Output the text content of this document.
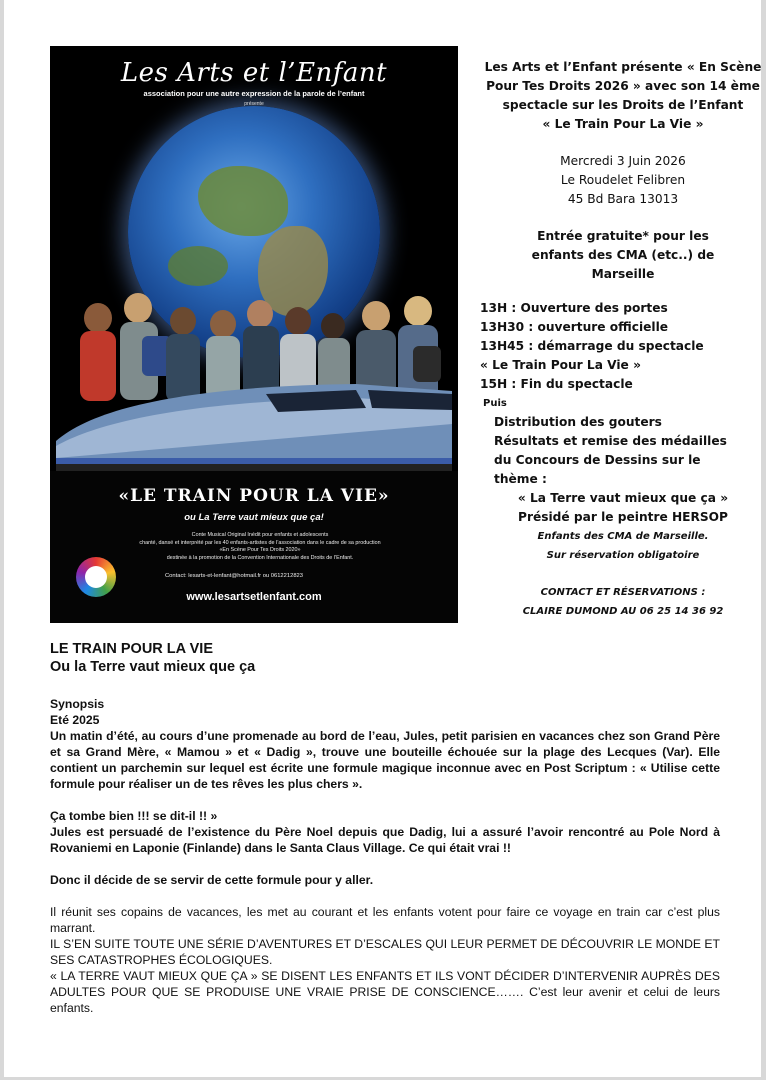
Les Arts et l’Enfant
association pour une autre expression de la parole de l’enfant
présente
«LE TRAIN POUR LA VIE»
ou La Terre vaut mieux que ça!
Conte Musical Original Inédit pour enfants et adolescents
chanté, dansé et interprété par les 40 enfants-artistes de l’association dans le cadre de sa production
«En Scène Pour Tes Droits 2020»
destinée à la promotion de la Convention Internationale des Droits de l’Enfant.
Contact: lesarts-et-lenfant@hotmail.fr ou 0612212823
www.lesartsetlenfant.com

Les Arts et l’Enfant présente « En Scène Pour Tes Droits 2026 » avec son 14 ème spectacle sur les Droits de l’Enfant

« Le Train Pour La Vie »

Mercredi 3 Juin 2026

Le Roudelet Felibren

45 Bd Bara 13013

Entrée gratuite* pour les enfants des CMA (etc..) de Marseille

13H : Ouverture des portes

13H30 : ouverture officielle

13H45 : démarrage du spectacle

« Le Train Pour La Vie »

15H : Fin du spectacle

Puis

Distribution des gouters

Résultats et remise des médailles

du Concours de Dessins sur le

thème :

« La Terre vaut mieux que ça »

Présidé par le peintre HERSOP

Enfants des CMA de Marseille.

Sur réservation obligatoire

CONTACT ET RÉSERVATIONS :

CLAIRE DUMOND AU 06 25 14 36 92

LE TRAIN POUR LA VIE

Ou la Terre vaut mieux que ça

Synopsis

Eté 2025

Un matin d’été, au cours d’une promenade au bord de l’eau, Jules, petit parisien en vacances chez son Grand Père et sa Grand Mère, « Mamou » et « Dadig », trouve une bouteille échouée sur la plage des Lecques (Var). Elle contient un parchemin sur lequel est écrite une formule magique inconnue avec en Post Scriptum : « Utilise cette formule pour réaliser un de tes rêves les plus chers ».

Ça tombe bien !!! se dit-il !! »

Jules est persuadé de l’existence du Père Noel depuis que Dadig, lui a assuré l’avoir rencontré au Pole Nord à Rovaniemi en Laponie (Finlande) dans le Santa Claus Village. Ce qui était vrai !!

Donc il décide de se servir de cette formule pour y aller.

Il réunit ses copains de vacances, les met au courant et les enfants votent pour faire ce voyage en train car c’est plus marrant.

IL S’EN SUITE TOUTE UNE SÉRIE D’AVENTURES ET D’ESCALES QUI LEUR PERMET DE DÉCOUVRIR LE MONDE ET SES CATASTROPHES ÉCOLOGIQUES.

« LA TERRE VAUT MIEUX QUE ÇA » SE DISENT LES ENFANTS ET ILS VONT DÉCIDER D’INTERVENIR AUPRÈS DES ADULTES POUR QUE SE PRODUISE UNE VRAIE PRISE DE CONSCIENCE……. C’est leur avenir et celui de leurs enfants.
